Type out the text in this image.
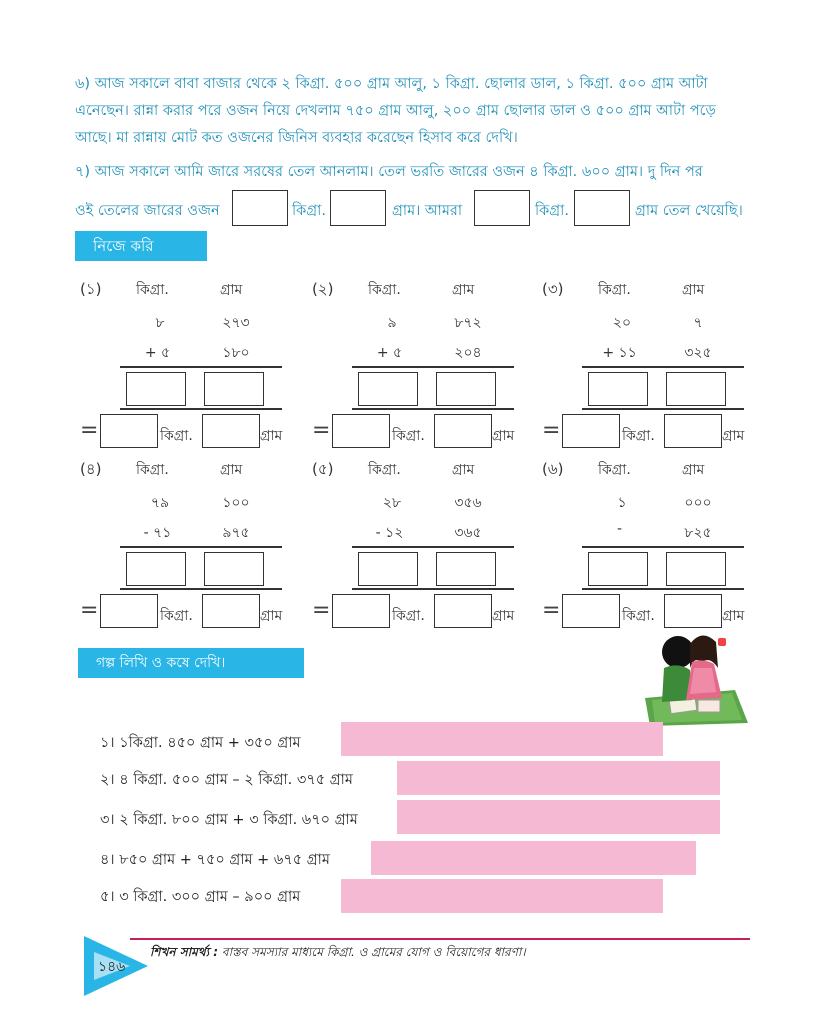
৬) আজ সকালে বাবা বাজার থেকে ২ কিগ্রা. ৫০০ গ্রাম আলু, ১ কিগ্রা. ছোলার ডাল, ১ কিগ্রা. ৫০০ গ্রাম আটা
এনেছেন। রান্না করার পরে ওজন নিয়ে দেখলাম ৭৫০ গ্রাম আলু, ২০০ গ্রাম ছোলার ডাল ও ৫০০ গ্রাম আটা পড়ে
আছে। মা রান্নায় মোট কত ওজনের জিনিস ব্যবহার করেছেন হিসাব করে দেখি।
৭) আজ সকালে আমি জারে সরষের তেল আনলাম। তেল ভরতি জারের ওজন ৪ কিগ্রা. ৬০০ গ্রাম। দু দিন পর
ওই তেলের জারের ওজন	কিগ্রা.	গ্রাম। আমরা	কিগ্রা.	গ্রাম তেল খেয়েছি।
নিজে করি
(১) কিগ্রা.	গ্রাম
৮	২৭৩
+ ৫	১৮০
=	কিগ্রা.	গ্রাম
(২) কিগ্রা.	গ্রাম
৯	৮৭২
+ ৫	২০৪
=	কিগ্রা.	গ্রাম
(৩) কিগ্রা.	গ্রাম
২০	৭
+ ১১	৩২৫
=	কিগ্রা.	গ্রাম
(৪) কিগ্রা.	গ্রাম
৭৯	১০০
- ৭১	৯৭৫
=	কিগ্রা.	গ্রাম
(৫) কিগ্রা.	গ্রাম
২৮	৩৫৬
- ১২	৩৬৫
=	কিগ্রা.	গ্রাম
(৬) কিগ্রা.	গ্রাম
১	০০০
-	৮২৫
=	কিগ্রা.	গ্রাম
গল্প লিখি ও কষে দেখি।
১। ১কিগ্রা. ৪৫০ গ্রাম + ৩৫০ গ্রাম
২। ৪ কিগ্রা. ৫০০ গ্রাম – ২ কিগ্রা. ৩৭৫ গ্রাম
৩। ২ কিগ্রা. ৮০০ গ্রাম + ৩ কিগ্রা. ৬৭০ গ্রাম
৪। ৮৫০ গ্রাম + ৭৫০ গ্রাম + ৬৭৫ গ্রাম
৫। ৩ কিগ্রা. ৩০০ গ্রাম – ৯০০ গ্রাম
১৪৬
শিখন সামর্থ্য : বাস্তব সমস্যার মাধ্যমে কিগ্রা. ও গ্রামের যোগ ও বিয়োগের ধারণা।
